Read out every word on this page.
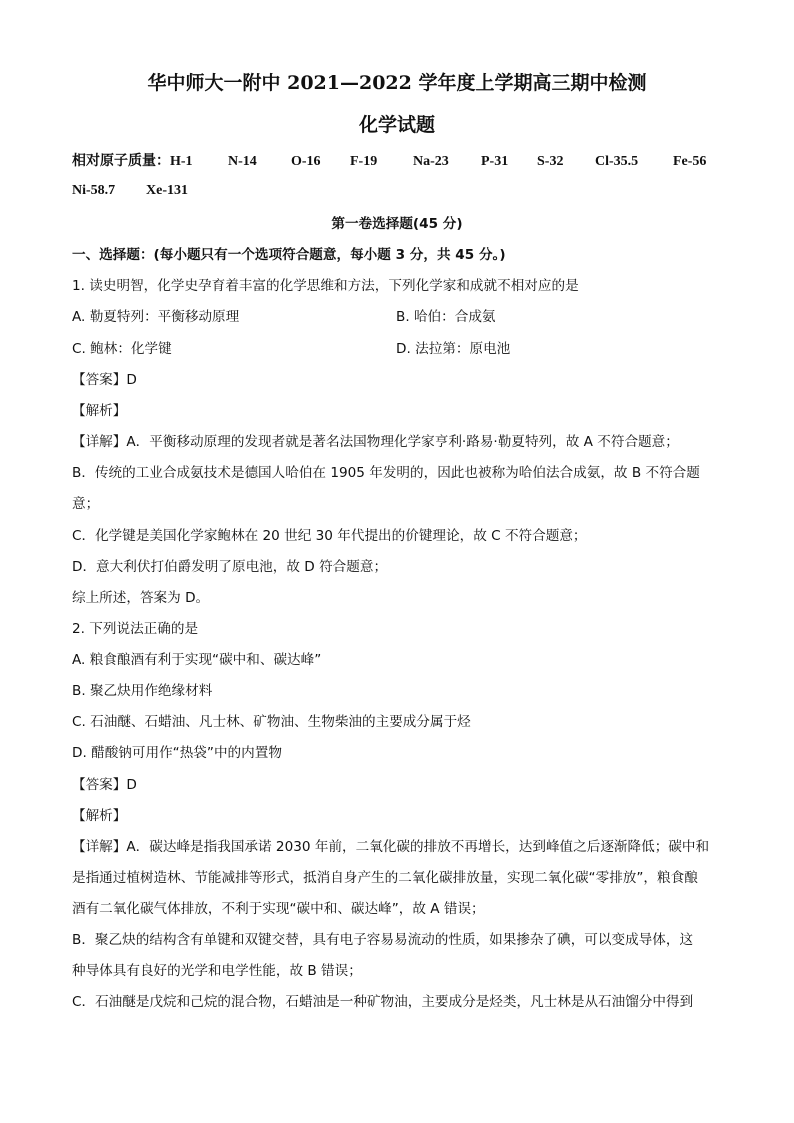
华中师大一附中 2021—2022 学年度上学期高三期中检测
化学试题
相对原子质量：H-1	N-14 O-16 F-19	Na-23 P-31 S-32 Cl-35.5 Fe-56
Ni-58.7 Xe-131
第一卷选择题(45 分)
一、选择题：(每小题只有一个选项符合题意，每小题 3 分，共 45 分。)
1. 读史明智，化学史孕育着丰富的化学思维和方法，下列化学家和成就不相对应的是
A. 勒夏特列：平衡移动原理	B. 哈伯：合成氨
C. 鲍林：化学键	D. 法拉第：原电池
【答案】D
【解析】
【详解】A．平衡移动原理的发现者就是著名法国物理化学家亨利·路易·勒夏特列，故 A 不符合题意；
B．传统的工业合成氨技术是德国人哈伯在 1905 年发明的，因此也被称为哈伯法合成氨，故 B 不符合题
意；
C．化学键是美国化学家鲍林在 20 世纪 30 年代提出的价键理论，故 C 不符合题意；
D．意大利伏打伯爵发明了原电池，故 D 符合题意；
综上所述，答案为 D。
2. 下列说法正确的是
A. 粮食酿酒有利于实现“碳中和、碳达峰”
B. 聚乙炔用作绝缘材料
C. 石油醚、石蜡油、凡士林、矿物油、生物柴油的主要成分属于烃
D. 醋酸钠可用作“热袋”中的内置物
【答案】D
【解析】
【详解】A．碳达峰是指我国承诺 2030 年前，二氧化碳的排放不再增长，达到峰值之后逐渐降低；碳中和
是指通过植树造林、节能减排等形式，抵消自身产生的二氧化碳排放量，实现二氧化碳“零排放”，粮食酿
酒有二氧化碳气体排放，不利于实现“碳中和、碳达峰”，故 A 错误；
B．聚乙炔的结构含有单键和双键交替，具有电子容易易流动的性质，如果掺杂了碘，可以变成导体，这
种导体具有良好的光学和电学性能，故 B 错误；
C．石油醚是戊烷和己烷的混合物，石蜡油是一种矿物油，主要成分是烃类，凡士林是从石油馏分中得到
